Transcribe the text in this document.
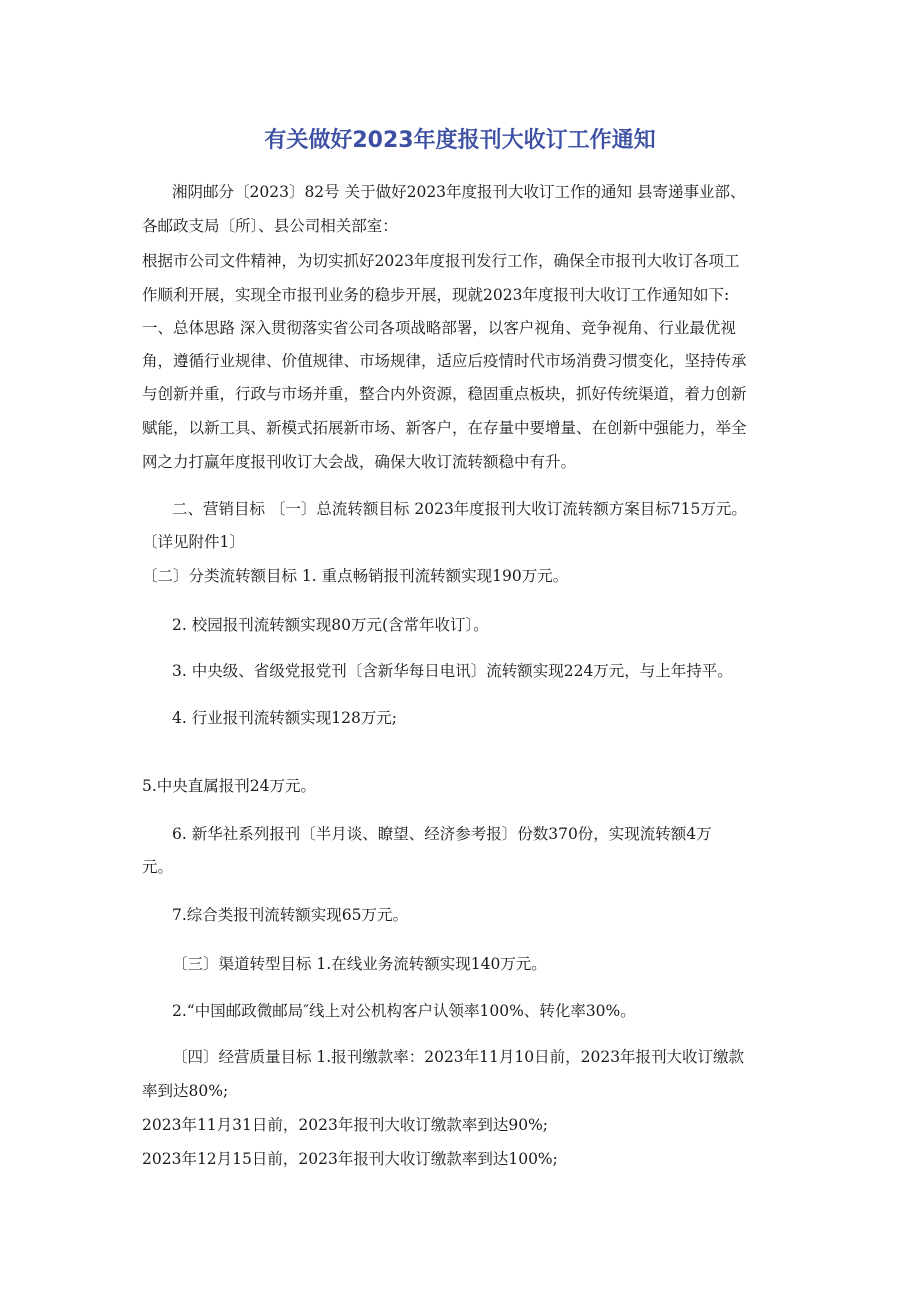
有关做好2023年度报刊大收订工作通知

湘阴邮分〔2023〕82号 关于做好2023年度报刊大收订工作的通知 县寄递事业部、

各邮政支局〔所〕、县公司相关部室：

根据市公司文件精神，为切实抓好2023年度报刊发行工作，确保全市报刊大收订各项工

作顺利开展，实现全市报刊业务的稳步开展，现就2023年度报刊大收订工作通知如下:

一、总体思路 深入贯彻落实省公司各项战略部署，以客户视角、竞争视角、行业最优视

角，遵循行业规律、价值规律、市场规律，适应后疫情时代市场消费习惯变化，坚持传承

与创新并重，行政与市场并重，整合内外资源，稳固重点板块，抓好传统渠道，着力创新

赋能，以新工具、新模式拓展新市场、新客户，在存量中要增量、在创新中强能力，举全

网之力打赢年度报刊收订大会战，确保大收订流转额稳中有升。

二、营销目标 〔一〕总流转额目标 2023年度报刊大收订流转额方案目标715万元。

〔详见附件1〕

〔二〕分类流转额目标 1. 重点畅销报刊流转额实现190万元。

2. 校园报刊流转额实现80万元(含常年收订〕。

3. 中央级、省级党报党刊〔含新华每日电讯〕流转额实现224万元，与上年持平。

4. 行业报刊流转额实现128万元;

5.中央直属报刊24万元。

6. 新华社系列报刊〔半月谈、瞭望、经济参考报〕份数370份，实现流转额4万

元。

7.综合类报刊流转额实现65万元。

〔三〕渠道转型目标 1.在线业务流转额实现140万元。

2.“中国邮政微邮局″线上对公机构客户认领率100%、转化率30%。

〔四〕经营质量目标 1.报刊缴款率：2023年11月10日前，2023年报刊大收订缴款

率到达80%;

2023年11月31日前，2023年报刊大收订缴款率到达90%;

2023年12月15日前，2023年报刊大收订缴款率到达100%;
